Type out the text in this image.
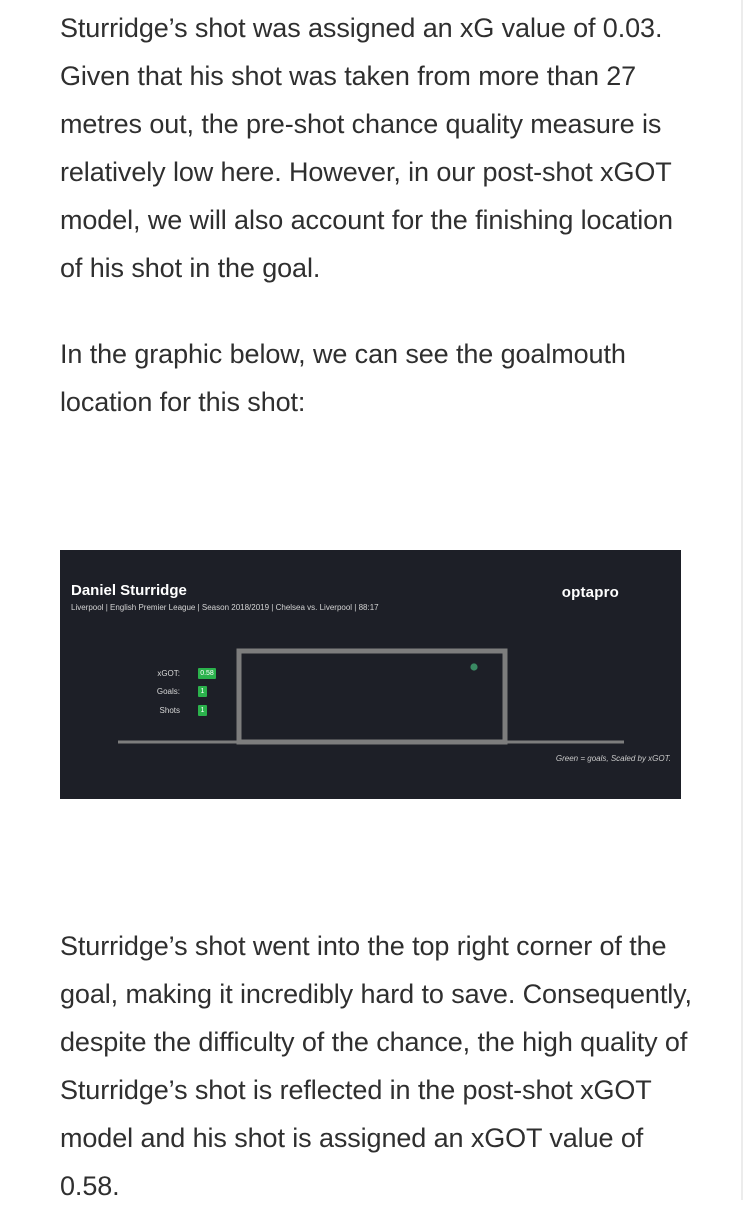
Sturridge’s shot was assigned an xG value of 0.03. Given that his shot was taken from more than 27 metres out, the pre-shot chance quality measure is relatively low here. However, in our post-shot xGOT model, we will also account for the finishing location of his shot in the goal.

In the graphic below, we can see the goalmouth location for this shot:

Daniel Sturridge
Liverpool | English Premier League | Season 2018/2019 | Chelsea vs. Liverpool | 88:17
optapro
xGOT:	0.58
Goals:	1
Shots	1
Green = goals, Scaled by xGOT.

Sturridge’s shot went into the top right corner of the goal, making it incredibly hard to save. Consequently, despite the difficulty of the chance, the high quality of Sturridge’s shot is reflected in the post-shot xGOT model and his shot is assigned an xGOT value of 0.58.
